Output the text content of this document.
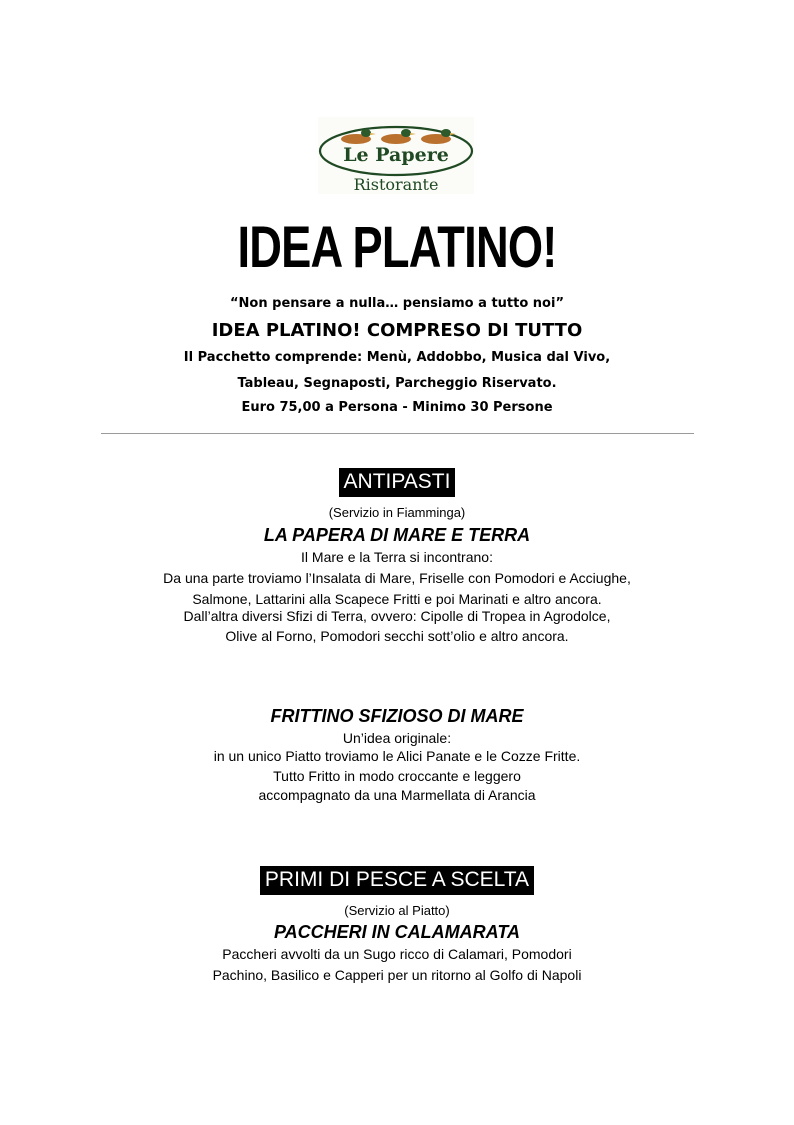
Le Papere
Ristorante
IDEA PLATINO!
“Non pensare a nulla… pensiamo a tutto noi”
IDEA PLATINO! COMPRESO DI TUTTO
Il Pacchetto comprende: Menù, Addobbo, Musica dal Vivo,
Tableau, Segnaposti, Parcheggio Riservato.
Euro 75,00 a Persona - Minimo 30 Persone
ANTIPASTI
(Servizio in Fiamminga)
LA PAPERA DI MARE E TERRA
Il Mare e la Terra si incontrano:
Da una parte troviamo l’Insalata di Mare, Friselle con Pomodori e Acciughe,
Salmone, Lattarini alla Scapece Fritti e poi Marinati e altro ancora.
Dall’altra diversi Sfizi di Terra, ovvero: Cipolle di Tropea in Agrodolce,
Olive al Forno, Pomodori secchi sott’olio e altro ancora.
FRITTINO SFIZIOSO DI MARE
Un’idea originale:
in un unico Piatto troviamo le Alici Panate e le Cozze Fritte.
Tutto Fritto in modo croccante e leggero
accompagnato da una Marmellata di Arancia
PRIMI DI PESCE A SCELTA
(Servizio al Piatto)
PACCHERI IN CALAMARATA
Paccheri avvolti da un Sugo ricco di Calamari, Pomodori
Pachino, Basilico e Capperi per un ritorno al Golfo di Napoli
